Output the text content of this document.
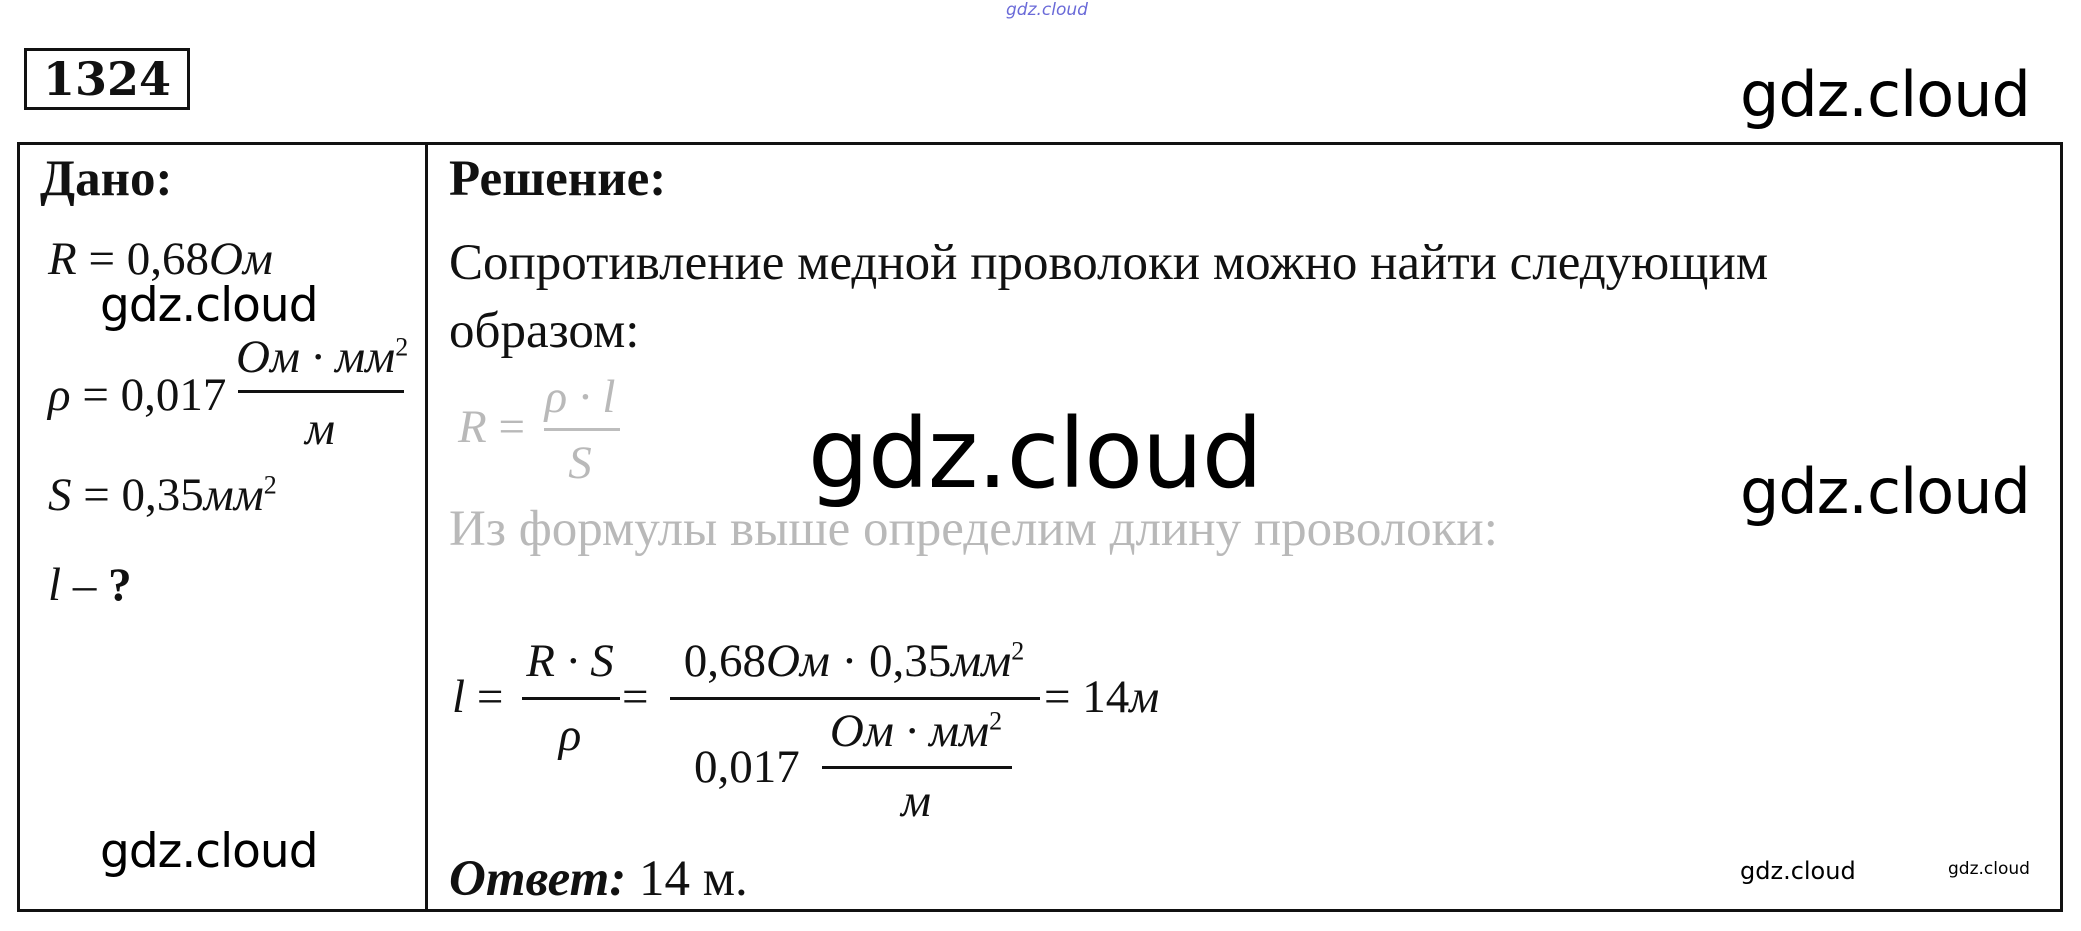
gdz.cloud
gdz.cloud
1324
Дано:
R = 0,68Ом
ρ = 0,017
Ом · $мм^2$
м
$S = 0,35мм^2$
l – ?
Решение:
Сопротивление медной проволоки можно найти следующим
образом:
R =
ρ · l
S
Из формулы выше определим длину проволоки:
l =
R · S
ρ
=
$0,68Ом \cdot 0,35мм^2$
0,017
Ом · $мм^2$
м
= 14м
Ответ: 14 м.
gdz.cloud
gdz.cloud	gdz.cloud
gdz.cloud	gdz.cloud	gdz.cloud
